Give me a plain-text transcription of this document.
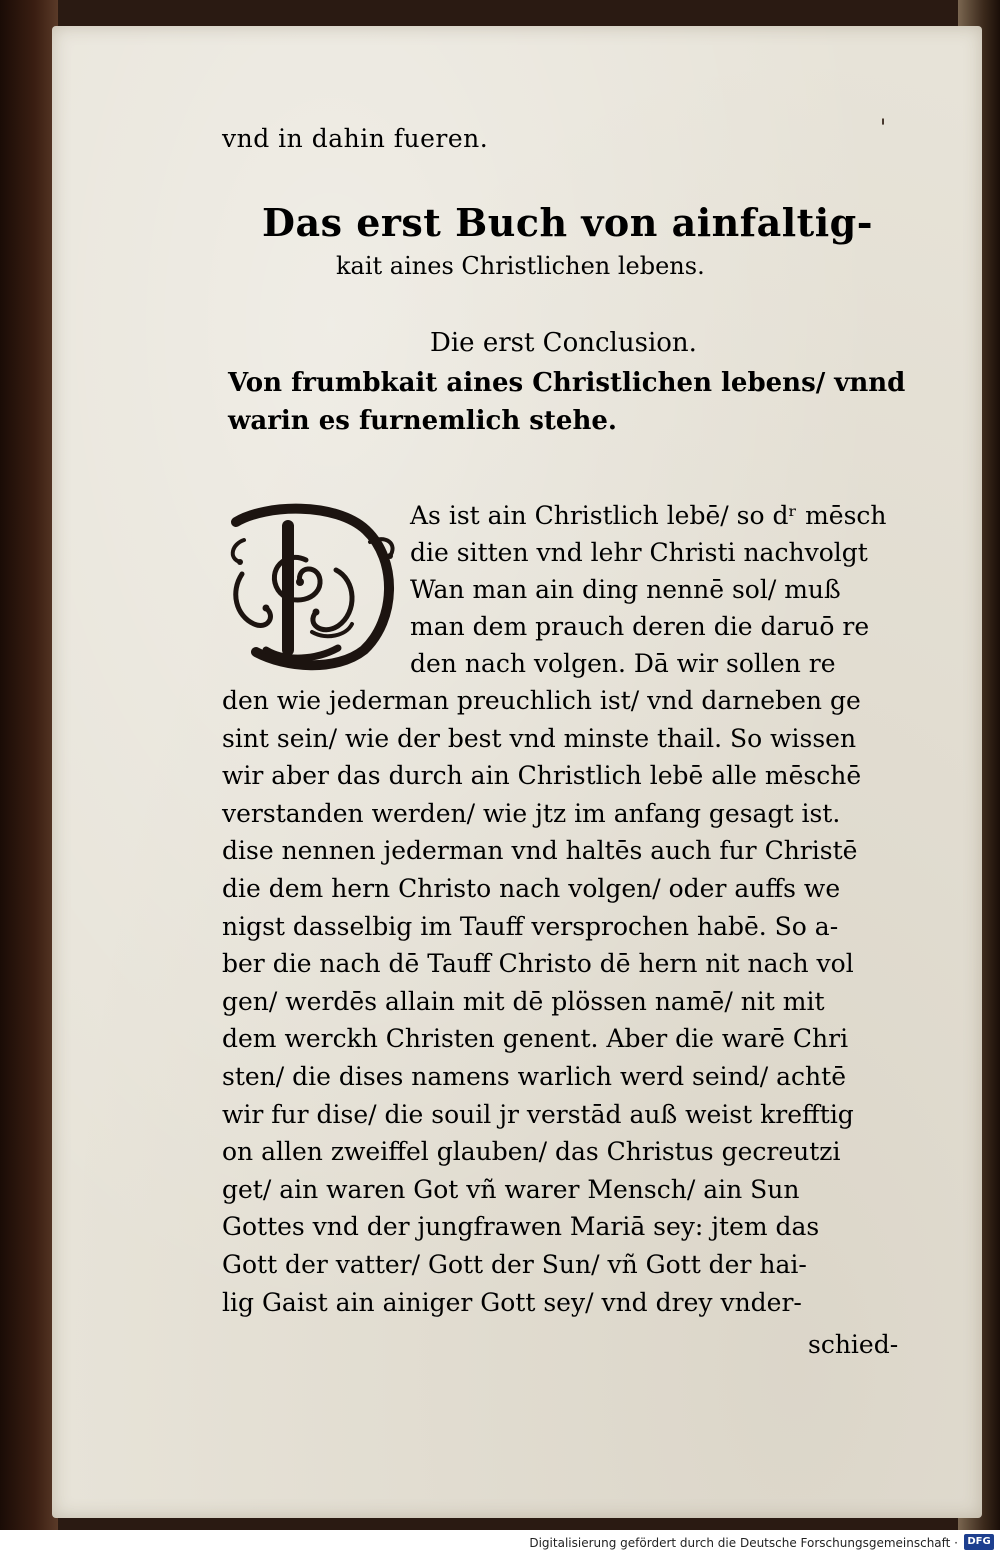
vnd in dahin fueren.	'
Das erst Buch von ainfaltig-
kait aines Christlichen lebens.
Die erst Conclusion.
Von frumbkait aines Christlichen lebens/ vnnd
warin es furnemlich stehe.
As ist ain Christlich lebē/ so dʳ mēsch
die sitten vnd lehr Christi nachvolgt
Wan man ain ding nennē sol/ muß
man dem prauch deren die daruō re
den nach volgen. Dā wir sollen re
den wie jederman preuchlich ist/ vnd darneben ge
sint sein/ wie der best vnd minste thail. So wissen
wir aber das durch ain Christlich lebē alle mēschē
verstanden werden/ wie jtz im anfang gesagt ist.
dise nennen jederman vnd haltēs auch fur Christē
die dem hern Christo nach volgen/ oder auffs we
nigst dasselbig im Tauff versprochen habē. So a-
ber die nach dē Tauff Christo dē hern nit nach vol
gen/ werdēs allain mit dē plössen namē/ nit mit
dem werckh Christen genent. Aber die warē Chri
sten/ die dises namens warlich werd seind/ achtē
wir fur dise/ die souil jr verstād auß weist krefftig
on allen zweiffel glauben/ das Christus gecreutzi
get/ ain waren Got vñ warer Mensch/ ain Sun
Gottes vnd der jungfrawen Mariā sey: jtem das
Gott der vatter/ Gott der Sun/ vñ Gott der hai-
lig Gaist ain ainiger Gott sey/ vnd drey vnder-
schied-
Digitalisierung gefördert durch die Deutsche Forschungsgemeinschaft · DFG
